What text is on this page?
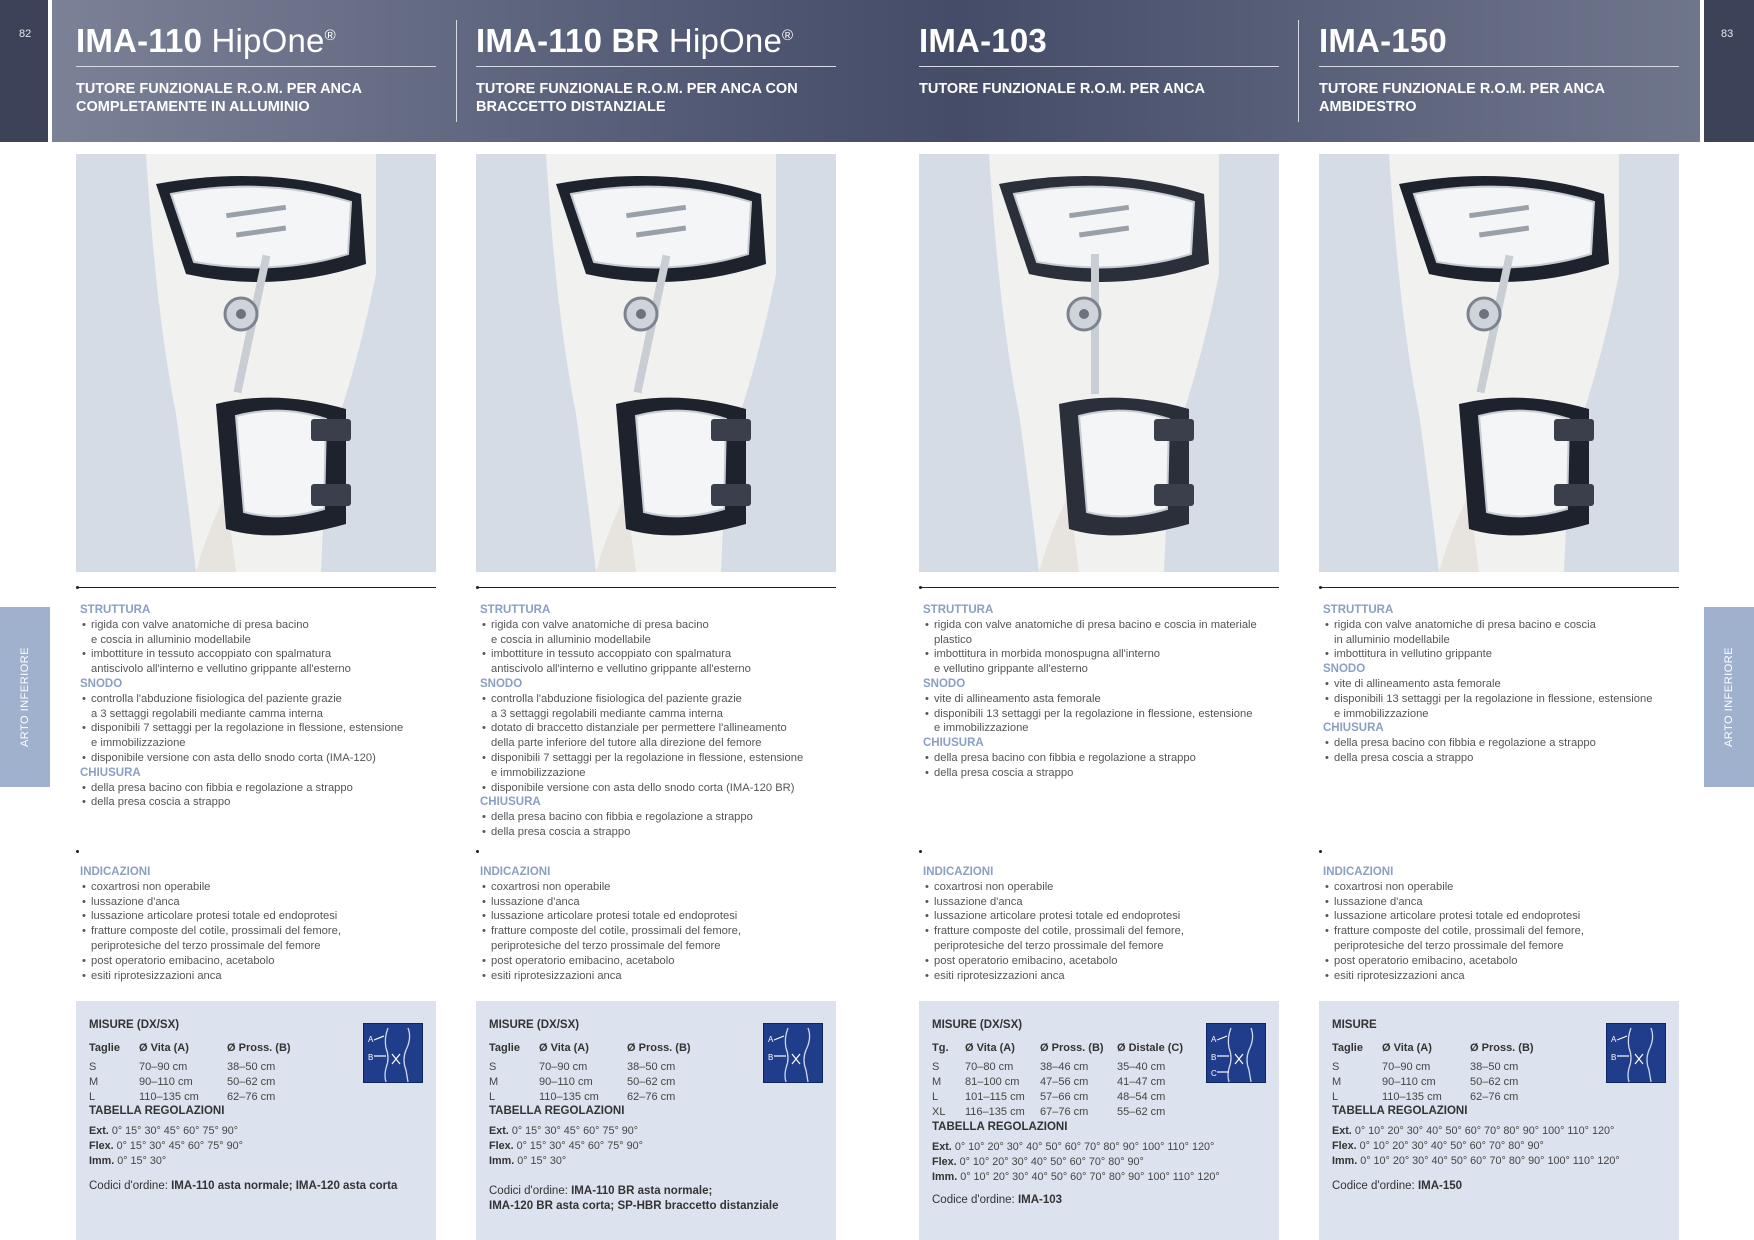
82	83
ARTO INFERIORE	ARTO INFERIORE
IMA-110 HipOne®
TUTORE FUNZIONALE R.O.M. PER ANCA COMPLETAMENTE IN ALLUMINIO
STRUTTURA
• rigida con valve anatomiche di presa bacino
e coscia in alluminio modellabile
• imbottiture in tessuto accoppiato con spalmatura
antiscivolo all'interno e vellutino grippante all'esterno
SNODO
• controlla l'abduzione fisiologica del paziente grazie
a 3 settaggi regolabili mediante camma interna
• disponibili 7 settaggi per la regolazione in flessione, estensione
e immobilizzazione
• disponibile versione con asta dello snodo corta (IMA-120)
CHIUSURA
• della presa bacino con fibbia e regolazione a strappo
• della presa coscia a strappo
INDICAZIONI
• coxartrosi non operabile
• lussazione d'anca
• lussazione articolare protesi totale ed endoprotesi
• fratture composte del cotile, prossimali del femore,
periprotesiche del terzo prossimale del femore
• post operatorio emibacino, acetabolo
• esiti riprotesizzazioni anca
MISURE (DX/SX)
Taglie	Ø Vita (A)	Ø Pross. (B)
S	70–90 cm	38–50 cm
M	90–110 cm	50–62 cm
L	110–135 cm	62–76 cm
A
B
TABELLA REGOLAZIONI
Ext. 0° 15° 30° 45° 60° 75° 90°
Flex. 0° 15° 30° 45° 60° 75° 90°
Imm. 0° 15° 30°
Codici d'ordine: IMA-110 asta normale; IMA-120 asta corta

IMA-110 BR HipOne®
TUTORE FUNZIONALE R.O.M. PER ANCA CON BRACCETTO DISTANZIALE
STRUTTURA
• rigida con valve anatomiche di presa bacino
e coscia in alluminio modellabile
• imbottiture in tessuto accoppiato con spalmatura
antiscivolo all'interno e vellutino grippante all'esterno
SNODO
• controlla l'abduzione fisiologica del paziente grazie
a 3 settaggi regolabili mediante camma interna
• dotato di braccetto distanziale per permettere l'allineamento
della parte inferiore del tutore alla direzione del femore
• disponibili 7 settaggi per la regolazione in flessione, estensione
e immobilizzazione
• disponibile versione con asta dello snodo corta (IMA-120 BR)
CHIUSURA
• della presa bacino con fibbia e regolazione a strappo
• della presa coscia a strappo
INDICAZIONI
• coxartrosi non operabile
• lussazione d'anca
• lussazione articolare protesi totale ed endoprotesi
• fratture composte del cotile, prossimali del femore,
periprotesiche del terzo prossimale del femore
• post operatorio emibacino, acetabolo
• esiti riprotesizzazioni anca
MISURE (DX/SX)
Taglie	Ø Vita (A)	Ø Pross. (B)
S	70–90 cm	38–50 cm
M	90–110 cm	50–62 cm
L	110–135 cm	62–76 cm
A
B
TABELLA REGOLAZIONI
Ext. 0° 15° 30° 45° 60° 75° 90°
Flex. 0° 15° 30° 45° 60° 75° 90°
Imm. 0° 15° 30°
Codici d'ordine: IMA-110 BR asta normale;
IMA-120 BR asta corta; SP-HBR braccetto distanziale
IMA-103
TUTORE FUNZIONALE R.O.M. PER ANCA
STRUTTURA
• rigida con valve anatomiche di presa bacino e coscia in materiale
plastico
• imbottitura in morbida monospugna all'interno
e vellutino grippante all'esterno
SNODO
• vite di allineamento asta femorale
• disponibili 13 settaggi per la regolazione in flessione, estensione
e immobilizzazione
CHIUSURA
• della presa bacino con fibbia e regolazione a strappo
• della presa coscia a strappo
INDICAZIONI
• coxartrosi non operabile
• lussazione d'anca
• lussazione articolare protesi totale ed endoprotesi
• fratture composte del cotile, prossimali del femore,
periprotesiche del terzo prossimale del femore
• post operatorio emibacino, acetabolo
• esiti riprotesizzazioni anca
MISURE (DX/SX)
Tg.	Ø Vita (A)	Ø Pross. (B)	Ø Distale (C)
S	70–80 cm	38–46 cm	35–40 cm
M	81–100 cm	47–56 cm	41–47 cm
L	101–115 cm	57–66 cm	48–54 cm
XL	116–135 cm	67–76 cm	55–62 cm
A
B
C
TABELLA REGOLAZIONI
Ext. 0° 10° 20° 30° 40° 50° 60° 70° 80° 90° 100° 110° 120°
Flex. 0° 10° 20° 30° 40° 50° 60° 70° 80° 90°
Imm. 0° 10° 20° 30° 40° 50° 60° 70° 80° 90° 100° 110° 120°
Codice d'ordine: IMA-103
IMA-150
TUTORE FUNZIONALE R.O.M. PER ANCA AMBIDESTRO
STRUTTURA
• rigida con valve anatomiche di presa bacino e coscia
in alluminio modellabile
• imbottitura in vellutino grippante
SNODO
• vite di allineamento asta femorale
• disponibili 13 settaggi per la regolazione in flessione, estensione
e immobilizzazione
CHIUSURA
• della presa bacino con fibbia e regolazione a strappo
• della presa coscia a strappo
INDICAZIONI
• coxartrosi non operabile
• lussazione d'anca
• lussazione articolare protesi totale ed endoprotesi
• fratture composte del cotile, prossimali del femore,
periprotesiche del terzo prossimale del femore
• post operatorio emibacino, acetabolo
• esiti riprotesizzazioni anca
MISURE
Taglie	Ø Vita (A)	Ø Pross. (B)
S	70–90 cm	38–50 cm
M	90–110 cm	50–62 cm
L	110–135 cm	62–76 cm
A
B
TABELLA REGOLAZIONI
Ext. 0° 10° 20° 30° 40° 50° 60° 70° 80° 90° 100° 110° 120°
Flex. 0° 10° 20° 30° 40° 50° 60° 70° 80° 90°
Imm. 0° 10° 20° 30° 40° 50° 60° 70° 80° 90° 100° 110° 120°
Codice d'ordine: IMA-150
